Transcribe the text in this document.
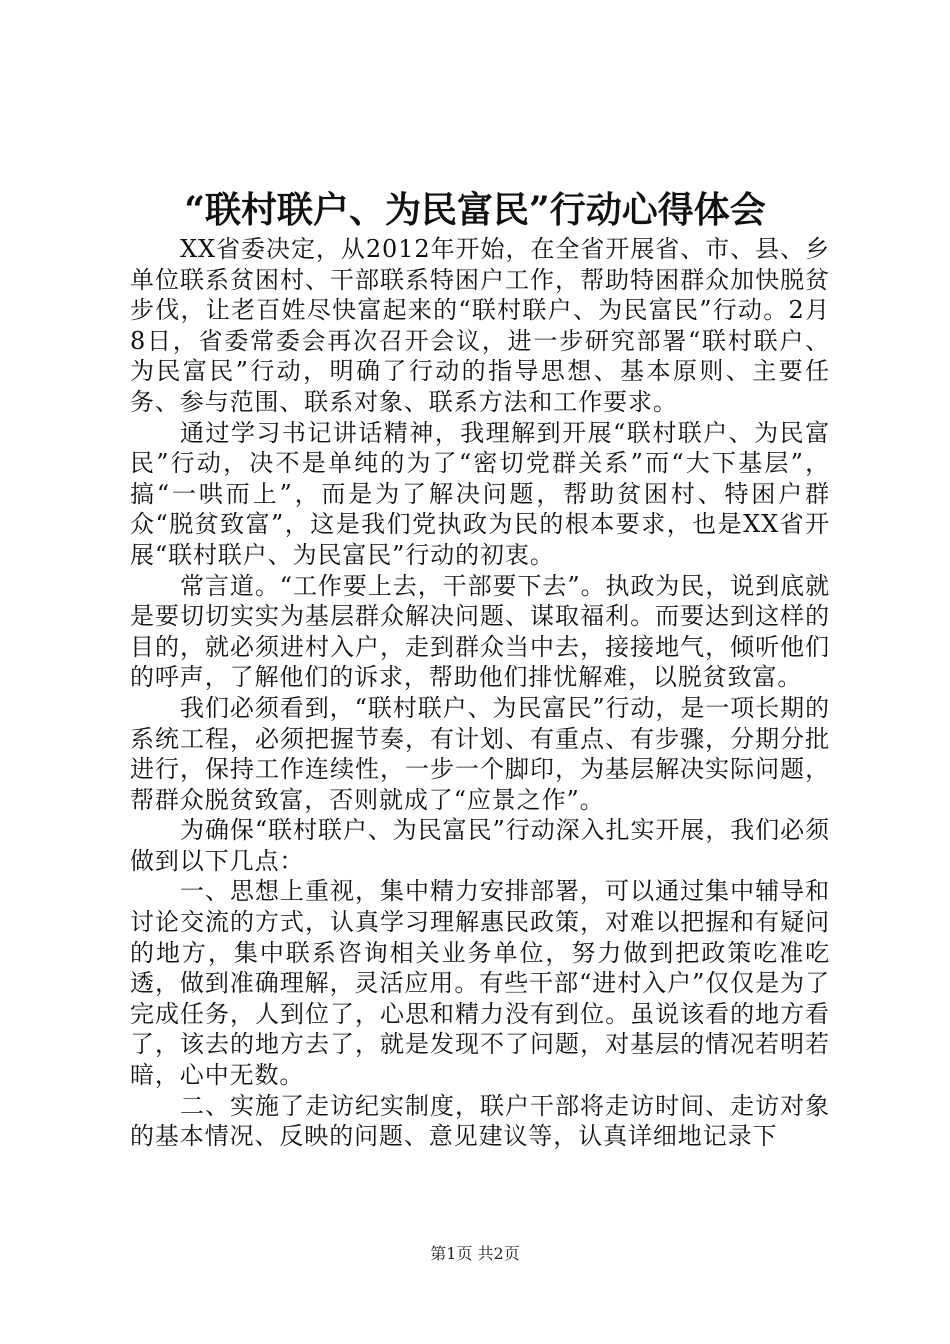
“联村联户、为民富民”行动心得体会

XX省委决定，从2012年开始，在全省开展省、市、县、乡单位联系贫困村、干部联系特困户工作，帮助特困群众加快脱贫步伐，让老百姓尽快富起来的“联村联户、为民富民”行动。2月8日，省委常委会再次召开会议，进一步研究部署“联村联户、为民富民”行动，明确了行动的指导思想、基本原则、主要任务、参与范围、联系对象、联系方法和工作要求。

通过学习书记讲话精神，我理解到开展“联村联户、为民富民”行动，决不是单纯的为了“密切党群关系”而“大下基层”，搞“一哄而上”，而是为了解决问题，帮助贫困村、特困户群众“脱贫致富”，这是我们党执政为民的根本要求，也是XX省开展“联村联户、为民富民”行动的初衷。

常言道。“工作要上去，干部要下去”。执政为民，说到底就是要切切实实为基层群众解决问题、谋取福利。而要达到这样的目的，就必须进村入户，走到群众当中去，接接地气，倾听他们的呼声，了解他们的诉求，帮助他们排忧解难，以脱贫致富。

我们必须看到，“联村联户、为民富民”行动，是一项长期的系统工程，必须把握节奏，有计划、有重点、有步骤，分期分批进行，保持工作连续性，一步一个脚印，为基层解决实际问题，帮群众脱贫致富，否则就成了“应景之作”。

为确保“联村联户、为民富民”行动深入扎实开展，我们必须做到以下几点：

一、思想上重视，集中精力安排部署，可以通过集中辅导和讨论交流的方式，认真学习理解惠民政策，对难以把握和有疑问的地方，集中联系咨询相关业务单位，努力做到把政策吃准吃透，做到准确理解，灵活应用。有些干部“进村入户”仅仅是为了完成任务，人到位了，心思和精力没有到位。虽说该看的地方看了，该去的地方去了，就是发现不了问题，对基层的情况若明若暗，心中无数。

二、实施了走访纪实制度，联户干部将走访时间、走访对象的基本情况、反映的问题、意见建议等，认真详细地记录下

第1页 共2页
